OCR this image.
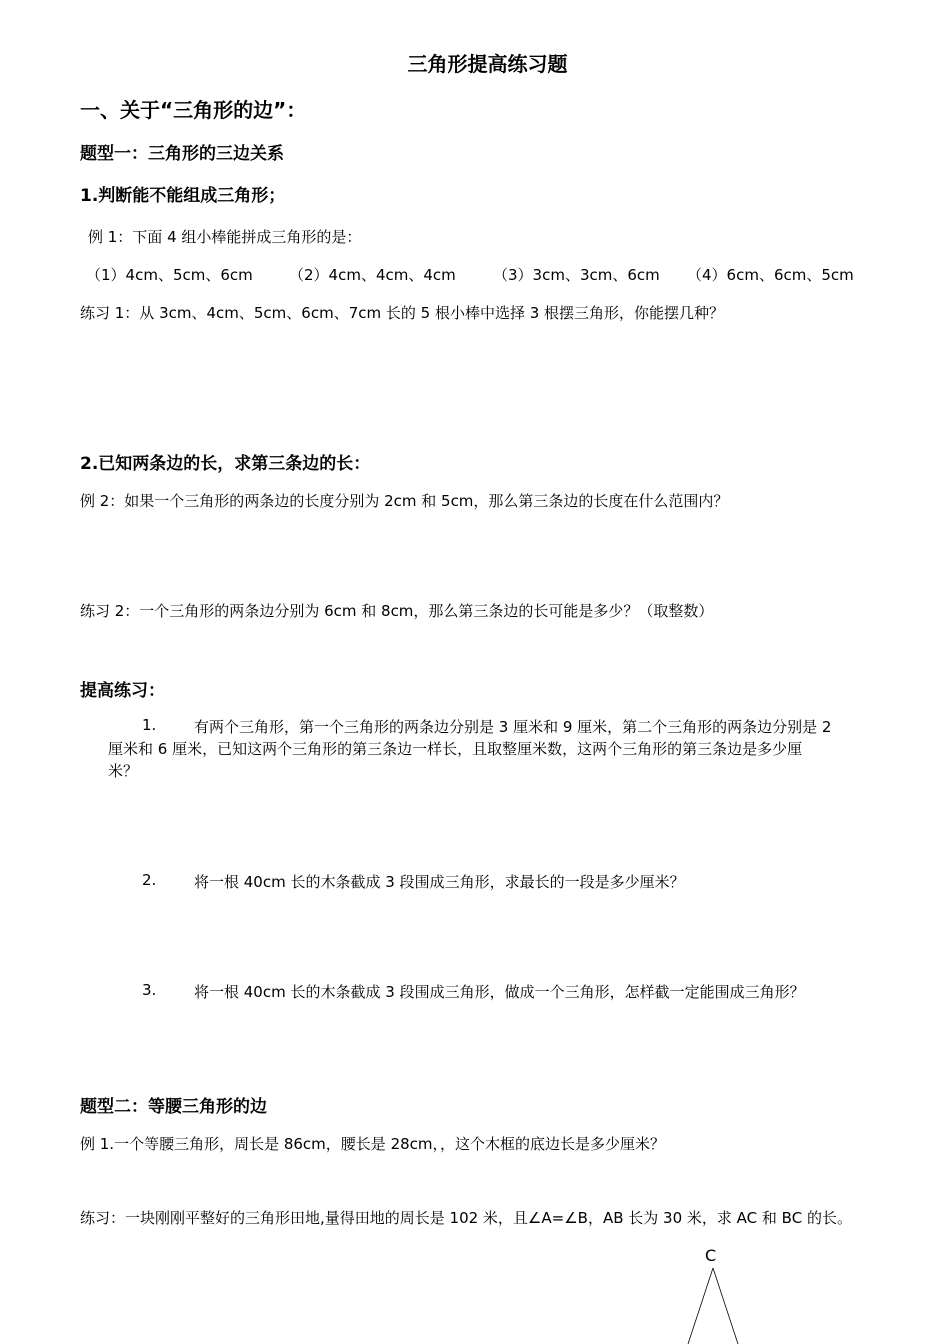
三角形提高练习题
一、关于“三角形的边”：
题型一：三角形的三边关系
1.判断能不能组成三角形；
例 1：下面 4 组小棒能拼成三角形的是：
（1）4cm、5cm、6cm （2）4cm、4cm、4cm （3）3cm、3cm、6cm （4）6cm、6cm、5cm
练习 1：从 3cm、4cm、5cm、6cm、7cm 长的 5 根小棒中选择 3 根摆三角形，你能摆几种？
2.已知两条边的长，求第三条边的长：
例 2：如果一个三角形的两条边的长度分别为 2cm 和 5cm，那么第三条边的长度在什么范围内？
练习 2：一个三角形的两条边分别为 6cm 和 8cm，那么第三条边的长可能是多少？（取整数）
提高练习：
1.	有两个三角形，第一个三角形的两条边分别是 3 厘米和 9 厘米，第二个三角形的两条边分别是 2
厘米和 6 厘米，已知这两个三角形的第三条边一样长，且取整厘米数，这两个三角形的第三条边是多少厘
米？
2.	将一根 40cm 长的木条截成 3 段围成三角形，求最长的一段是多少厘米？
3.	将一根 40cm 长的木条截成 3 段围成三角形，做成一个三角形，怎样截一定能围成三角形？
题型二：等腰三角形的边
例 1.一个等腰三角形，周长是 86cm，腰长是 28cm，，这个木框的底边长是多少厘米？
练习：一块刚刚平整好的三角形田地,量得田地的周长是 102 米，且∠A=∠B，AB 长为 30 米，求 AC 和 BC 的长。
C
